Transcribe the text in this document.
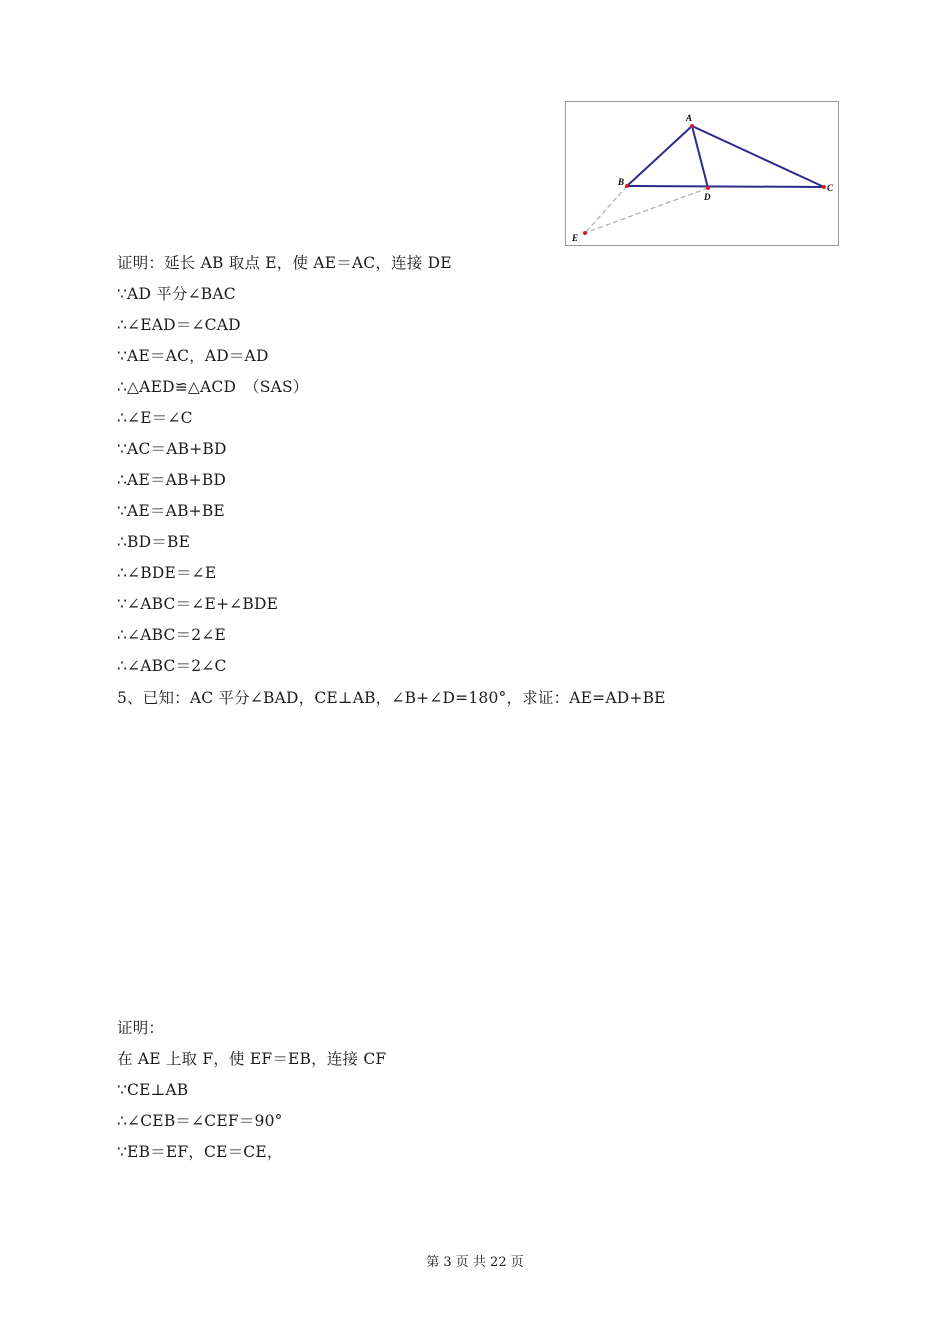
A
B
C
D
E
证明：延长 AB 取点 E，使 AE＝AC，连接 DE
∵AD 平分∠BAC
∴∠EAD＝∠CAD
∵AE＝AC，AD＝AD
∴△AED≌△ACD　（SAS）
∴∠E＝∠C
∵AC＝AB+BD
∴AE＝AB+BD
∵AE＝AB+BE
∴BD＝BE
∴∠BDE＝∠E
∵∠ABC＝∠E+∠BDE
∴∠ABC＝2∠E
∴∠ABC＝2∠C
5、已知：AC 平分∠BAD，CE⊥AB，∠B+∠D=180°，求证：AE=AD+BE
证明：
在 AE 上取 F，使 EF＝EB，连接 CF
∵CE⊥AB
∴∠CEB＝∠CEF＝90°
∵EB＝EF，CE＝CE，
第 3 页 共 22 页
